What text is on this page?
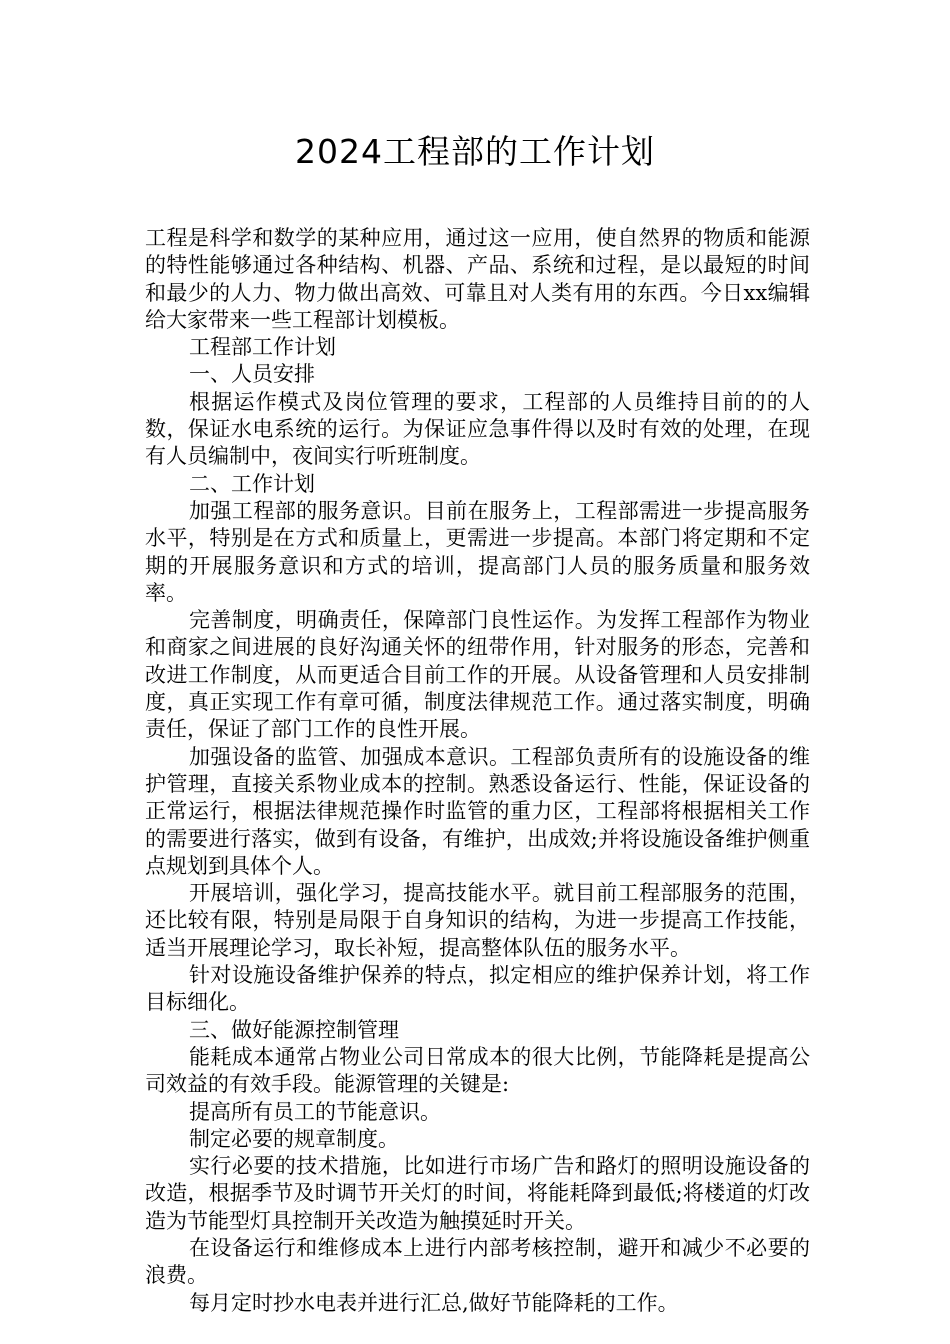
2024工程部的工作计划

工程是科学和数学的某种应用，通过这一应用，使自然界的物质和能源的特性能够通过各种结构、机器、产品、系统和过程，是以最短的时间和最少的人力、物力做出高效、可靠且对人类有用的东西。今日xx编辑给大家带来一些工程部计划模板。

工程部工作计划

一、人员安排

根据运作模式及岗位管理的要求，工程部的人员维持目前的的人数，保证水电系统的运行。为保证应急事件得以及时有效的处理，在现有人员编制中，夜间实行听班制度。

二、工作计划

加强工程部的服务意识。目前在服务上，工程部需进一步提高服务水平，特别是在方式和质量上，更需进一步提高。本部门将定期和不定期的开展服务意识和方式的培训，提高部门人员的服务质量和服务效率。

完善制度，明确责任，保障部门良性运作。为发挥工程部作为物业和商家之间进展的良好沟通关怀的纽带作用，针对服务的形态，完善和改进工作制度，从而更适合目前工作的开展。从设备管理和人员安排制度，真正实现工作有章可循，制度法律规范工作。通过落实制度，明确责任，保证了部门工作的良性开展。

加强设备的监管、加强成本意识。工程部负责所有的设施设备的维护管理，直接关系物业成本的控制。熟悉设备运行、性能，保证设备的正常运行，根据法律规范操作时监管的重力区，工程部将根据相关工作的需要进行落实，做到有设备，有维护，出成效;并将设施设备维护侧重点规划到具体个人。

开展培训，强化学习，提高技能水平。就目前工程部服务的范围，还比较有限，特别是局限于自身知识的结构，为进一步提高工作技能，适当开展理论学习，取长补短，提高整体队伍的服务水平。

针对设施设备维护保养的特点，拟定相应的维护保养计划，将工作目标细化。

三、做好能源控制管理

能耗成本通常占物业公司日常成本的很大比例，节能降耗是提高公司效益的有效手段。能源管理的关键是:

提高所有员工的节能意识。

制定必要的规章制度。

实行必要的技术措施，比如进行市场广告和路灯的照明设施设备的改造，根据季节及时调节开关灯的时间，将能耗降到最低;将楼道的灯改造为节能型灯具控制开关改造为触摸延时开关。

在设备运行和维修成本上进行内部考核控制，避开和减少不必要的浪费。

每月定时抄水电表并进行汇总,做好节能降耗的工作。
